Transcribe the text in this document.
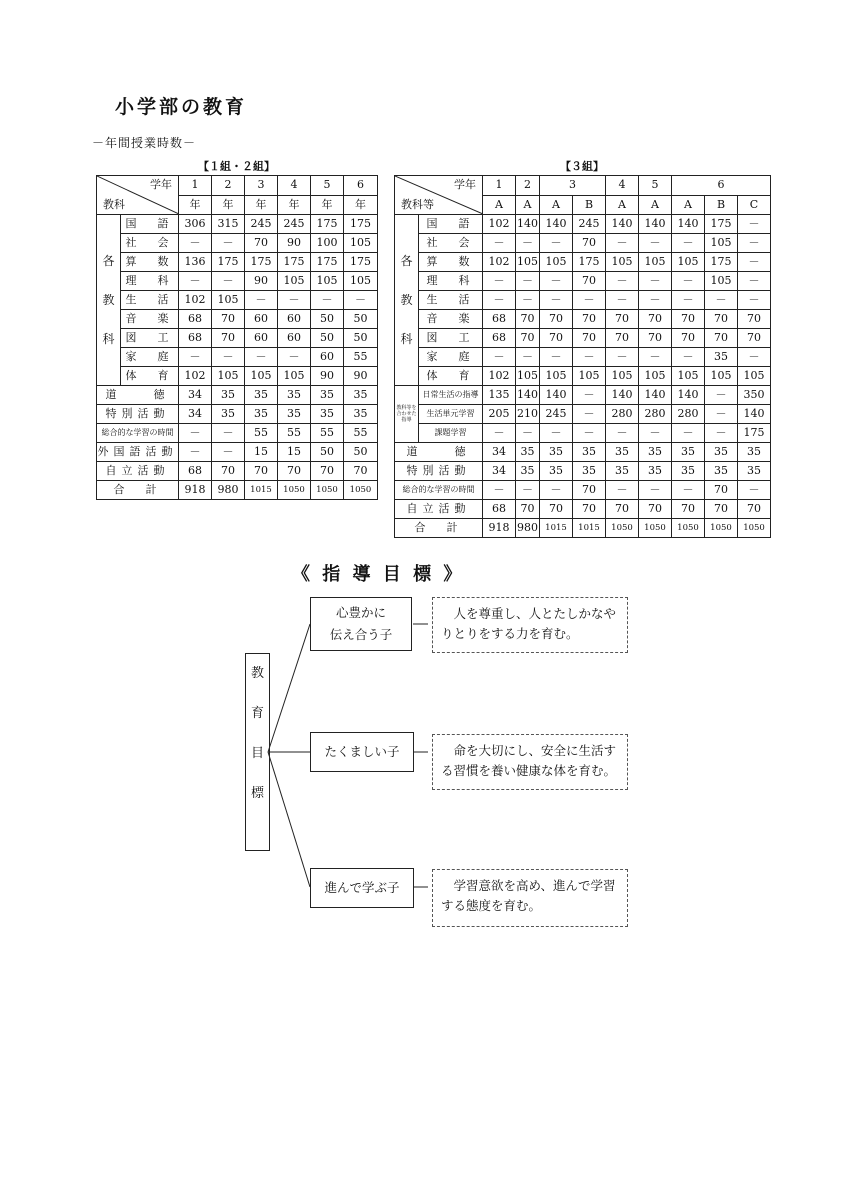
小学部の教育
－年間授業時数－
【１組・２組】	【３組】
学年
教科		1	2	3	4	5	6
		年	年	年	年	年	年

各
教
科	国　語	306	315	245	245	175	175
	社　会	－	－	70	90	100	105
	算　数	136	175	175	175	175	175
	理　科	－	－	90	105	105	105
	生　活	102	105	－	－	－	－
	音　楽	68	70	60	60	50	50
	図　工	68	70	60	60	50	50
	家　庭	－	－	－	－	60	55
	体　育	102	105	105	105	90	90
道　　徳		34	35	35	35	35	35
特別活動		34	35	35	35	35	35
総合的な学習の時間		－	－	55	55	55	55
外国語活動		－	－	15	15	50	50
自立活動		68	70	70	70	70	70
合　計		918	980	1015	1050	1050	1050
学年
教科等		1	2	3		4	5	6		
		A	A	A	B	A	A	A	B	C

各
教
科	国　語	102	140	140	245	140	140	140	175	－
	社　会	－	－	－	70	－	－	－	105	－
	算　数	102	105	105	175	105	105	105	175	－
	理　科	－	－	－	70	－	－	－	105	－
	生　活	－	－	－	－	－	－	－	－	－
	音　楽	68	70	70	70	70	70	70	70	70
	図　工	68	70	70	70	70	70	70	70	70
	家　庭	－	－	－	－	－	－	－	35	－
	体　育	102	105	105	105	105	105	105	105	105
教科等を合わせた指導	日常生活の指導	135	140	140	－	140	140	140	－	350
	生活単元学習	205	210	245	－	280	280	280	－	140
	課題学習	－	－	－	－	－	－	－	－	175
道　　徳		34	35	35	35	35	35	35	35	35
特別活動		34	35	35	35	35	35	35	35	35
総合的な学習の時間		－	－	－	70	－	－	－	70	－
自立活動		68	70	70	70	70	70	70	70	70
合　計		918	980	1015	1015	1050	1050	1050	1050	1050
《 指 導 目 標 》
教
育
目
標
心豊かに
伝え合う子
　人を尊重し、人とたしかなや
りとりをする力を育む。
たくましい子	　命を大切にし、安全に生活す
る習慣を養い健康な体を育む。
進んで学ぶ子	　学習意欲を高め、進んで学習
する態度を育む。
